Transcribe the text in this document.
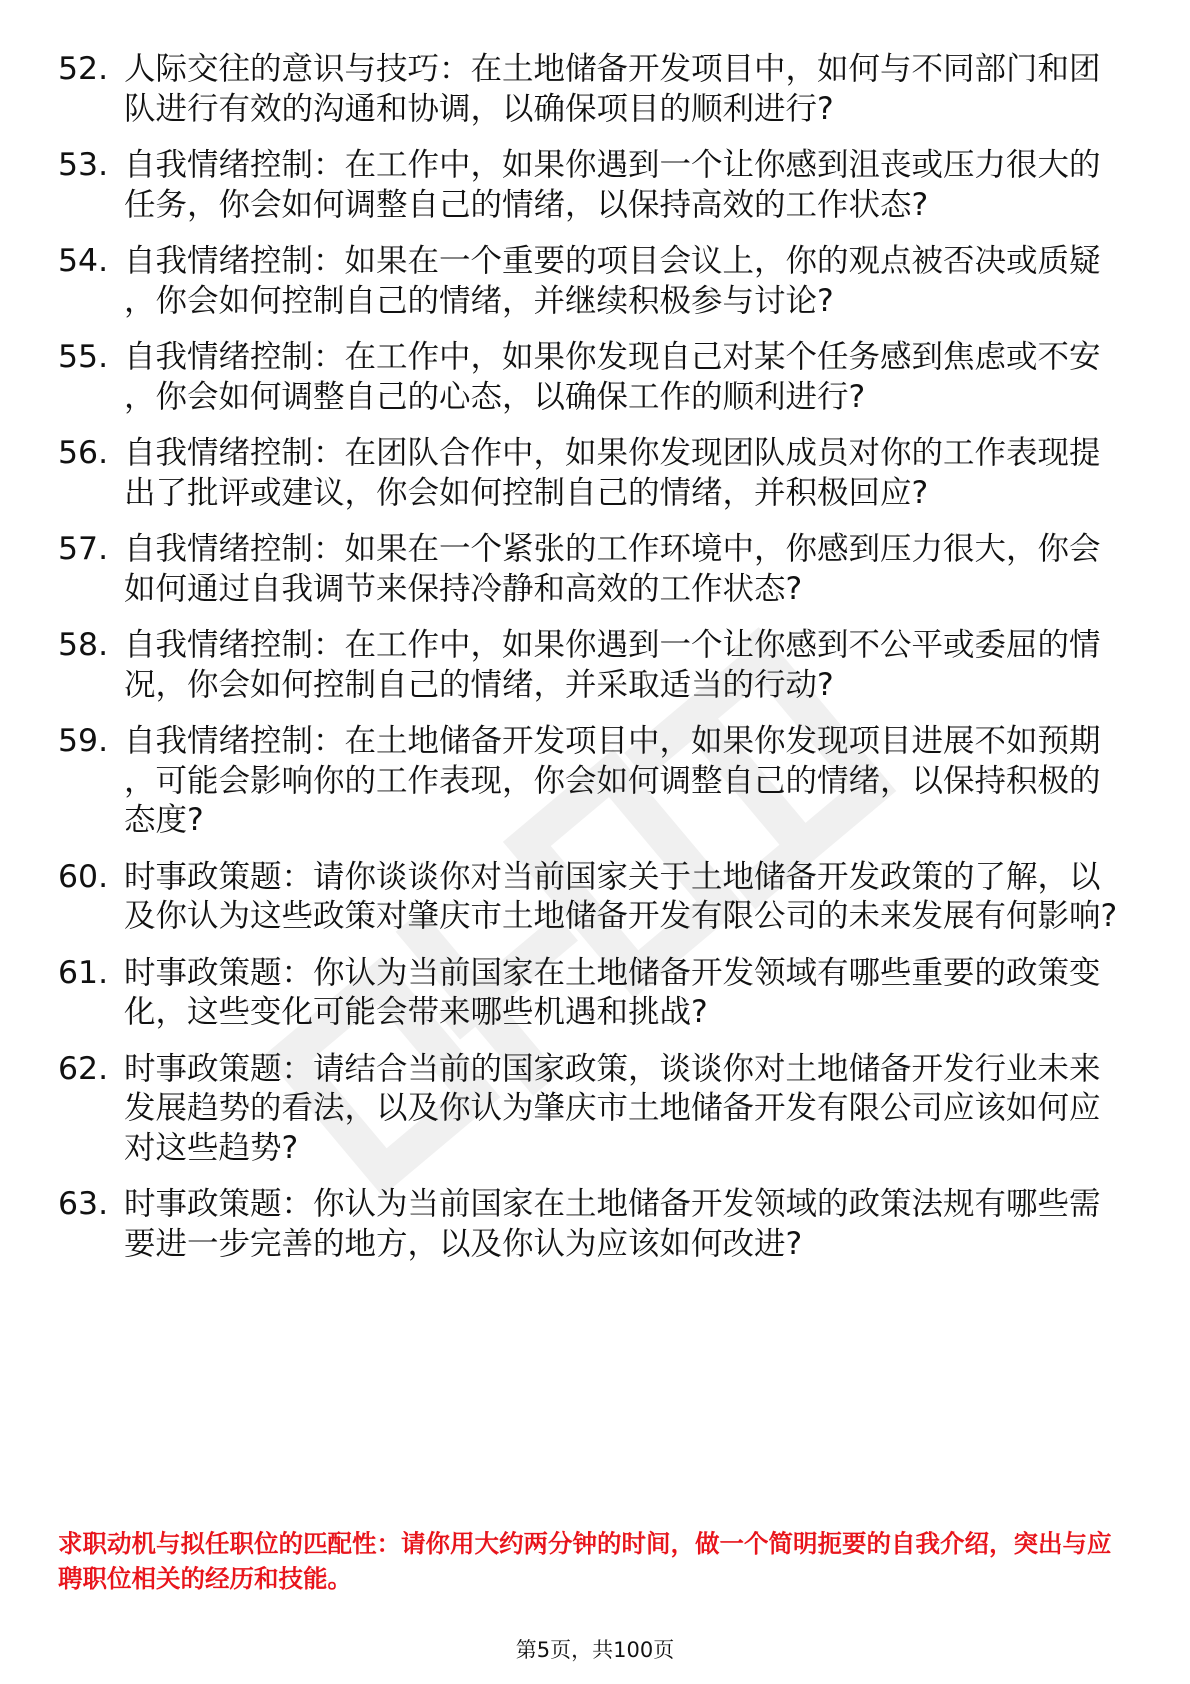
52. 人际交往的意识与技巧：在土地储备开发项目中，如何与不同部门和团队进行有效的沟通和协调，以确保项目的顺利进行?
53. 自我情绪控制：在工作中，如果你遇到一个让你感到沮丧或压力很大的任务，你会如何调整自己的情绪，以保持高效的工作状态?
54. 自我情绪控制：如果在一个重要的项目会议上，你的观点被否决或质疑，你会如何控制自己的情绪，并继续积极参与讨论?
55. 自我情绪控制：在工作中，如果你发现自己对某个任务感到焦虑或不安，你会如何调整自己的心态，以确保工作的顺利进行?
56. 自我情绪控制：在团队合作中，如果你发现团队成员对你的工作表现提出了批评或建议，你会如何控制自己的情绪，并积极回应?
57. 自我情绪控制：如果在一个紧张的工作环境中，你感到压力很大，你会如何通过自我调节来保持冷静和高效的工作状态?
58. 自我情绪控制：在工作中，如果你遇到一个让你感到不公平或委屈的情况，你会如何控制自己的情绪，并采取适当的行动?
59. 自我情绪控制：在土地储备开发项目中，如果你发现项目进展不如预期，可能会影响你的工作表现，你会如何调整自己的情绪，以保持积极的态度?
60. 时事政策题：请你谈谈你对当前国家关于土地储备开发政策的了解，以及你认为这些政策对肇庆市土地储备开发有限公司的未来发展有何影响?
61. 时事政策题：你认为当前国家在土地储备开发领域有哪些重要的政策变化，这些变化可能会带来哪些机遇和挑战?
62. 时事政策题：请结合当前的国家政策，谈谈你对土地储备开发行业未来发展趋势的看法，以及你认为肇庆市土地储备开发有限公司应该如何应对这些趋势?
63. 时事政策题：你认为当前国家在土地储备开发领域的政策法规有哪些需要进一步完善的地方，以及你认为应该如何改进?
求职动机与拟任职位的匹配性：请你用大约两分钟的时间，做一个简明扼要的自我介绍，突出与应聘职位相关的经历和技能。
第5页，共100页
